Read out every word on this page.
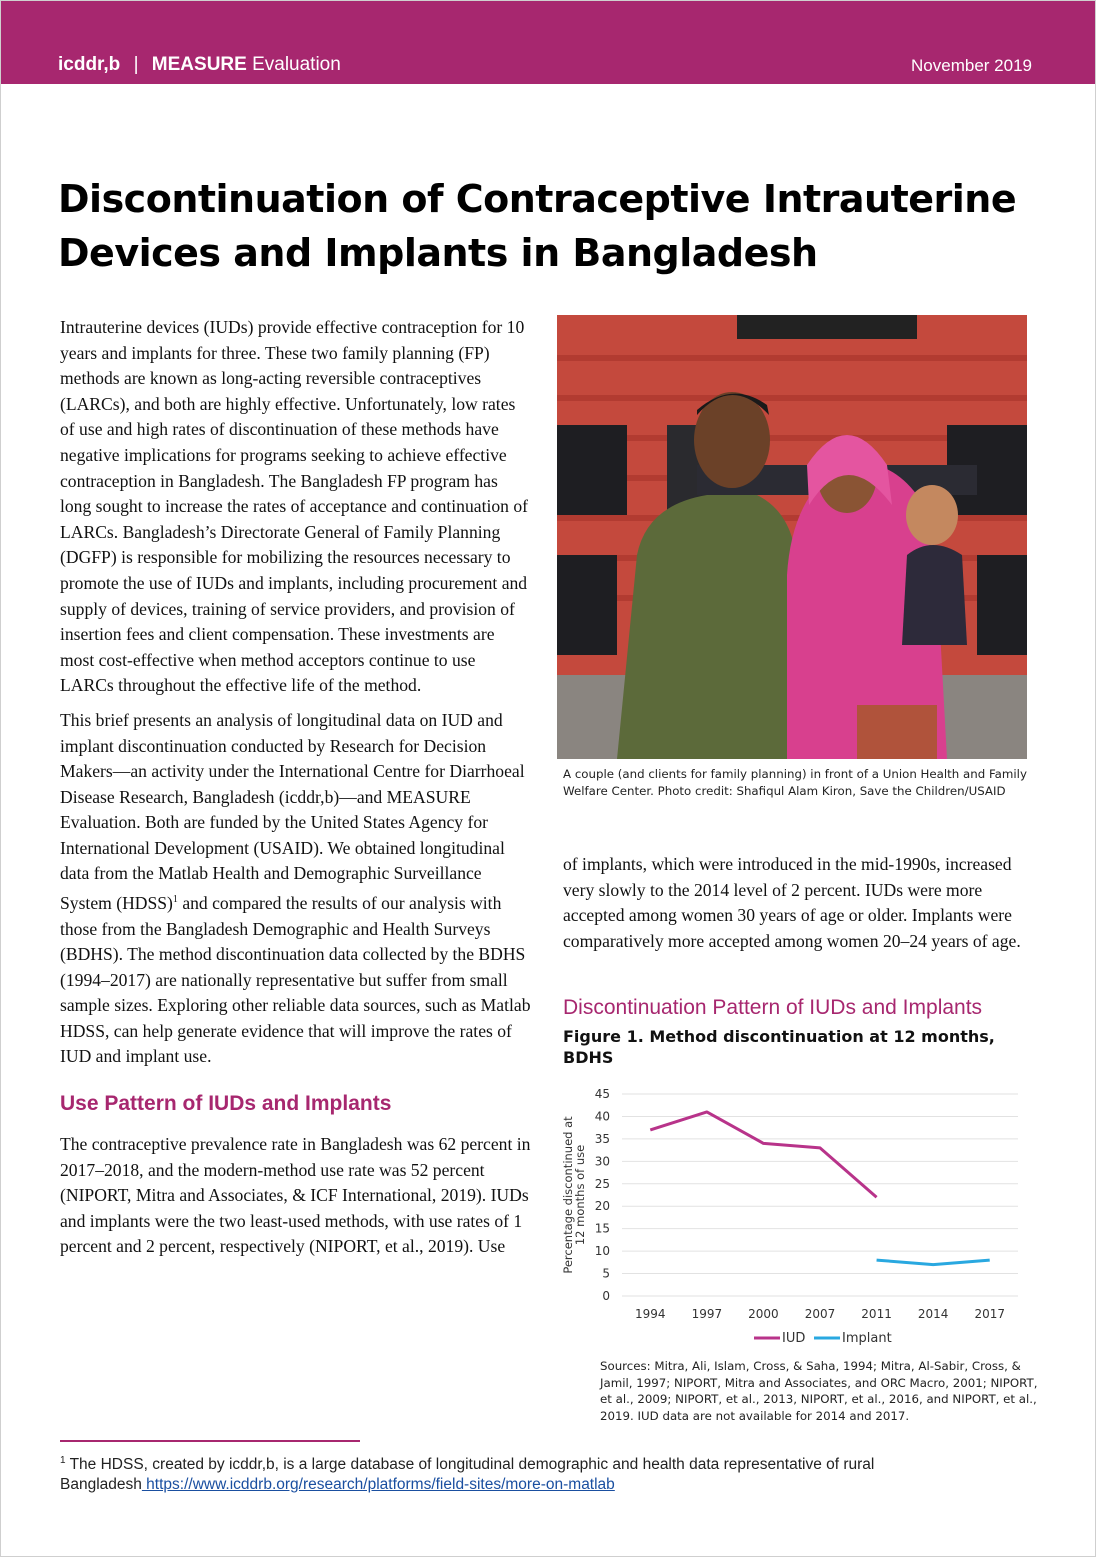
icddr,b | MEASURE Evaluation	November 2019
Discontinuation of Contraceptive Intrauterine Devices and Implants in Bangladesh

Intrauterine devices (IUDs) provide effective contraception for 10 years and implants for three. These two family planning (FP) methods are known as long-acting reversible contraceptives (LARCs), and both are highly effective. Unfortunately, low rates of use and high rates of discontinuation of these methods have negative implications for programs seeking to achieve effective contraception in Bangladesh. The Bangladesh FP program has long sought to increase the rates of acceptance and continuation of LARCs. Bangladesh’s Directorate General of Family Planning (DGFP) is responsible for mobilizing the resources necessary to promote the use of IUDs and implants, including procurement and supply of devices, training of service providers, and provision of insertion fees and client compensation. These investments are most cost-effective when method acceptors continue to use LARCs throughout the effective life of the method.

This brief presents an analysis of longitudinal data on IUD and implant discontinuation conducted by Research for Decision Makers—an activity under the International Centre for Diarrhoeal Disease Research, Bangladesh (icddr,b)—and MEASURE Evaluation. Both are funded by the United States Agency for International Development (USAID). We obtained longitudinal data from the Matlab Health and Demographic Surveillance System (HDSS)$^1$ and compared the results of our analysis with those from the Bangladesh Demographic and Health Surveys (BDHS). The method discontinuation data collected by the BDHS (1994–2017) are nationally representative but suffer from small sample sizes. Exploring other reliable data sources, such as Matlab HDSS, can help generate evidence that will improve the rates of IUD and implant use.

Use Pattern of IUDs and Implants

The contraceptive prevalence rate in Bangladesh was 62 percent in 2017–2018, and the modern-method use rate was 52 percent (NIPORT, Mitra and Associates, & ICF International, 2019). IUDs and implants were the two least-used methods, with use rates of 1 percent and 2 percent, respectively (NIPORT, et al., 2019). Use

A couple (and clients for family planning) in front of a Union Health and Family Welfare Center. Photo credit: Shafiqul Alam Kiron, Save the Children/USAID

of implants, which were introduced in the mid-1990s, increased very slowly to the 2014 level of 2 percent. IUDs were more accepted among women 30 years of age or older. Implants were comparatively more accepted among women 20–24 years of age.

Discontinuation Pattern of IUDs and Implants
Figure 1. Method discontinuation at 12 months, BDHS
0
5
10
15
20
25
30
35
40
45
1994 1997 2000 2007 2011 2014 2017
Percentage discontinued at12 months of use
IUD	Implant
Sources: Mitra, Ali, Islam, Cross, & Saha, 1994; Mitra, Al-Sabir, Cross, & Jamil, 1997; NIPORT, Mitra and Associates, and ORC Macro, 2001; NIPORT, et al., 2009; NIPORT, et al., 2013, NIPORT, et al., 2016, and NIPORT, et al., 2019. IUD data are not available for 2014 and 2017.
$^1$ The HDSS, created by icddr,b, is a large database of longitudinal demographic and health data representative of rural Bangladesh https://www.icddrb.org/research/platforms/field-sites/more-on-matlab
